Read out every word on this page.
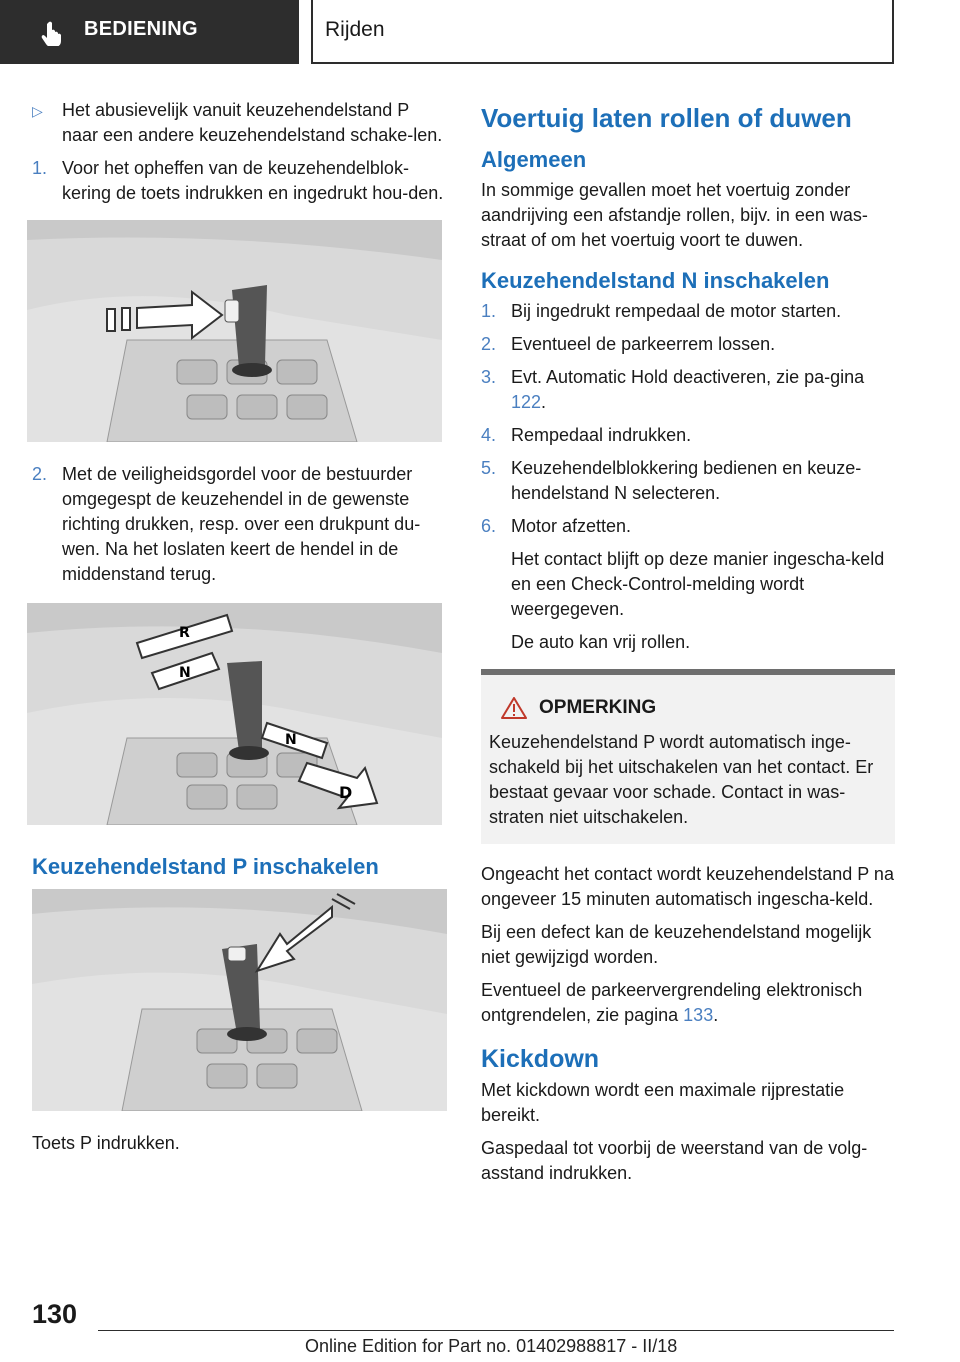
BEDIENING	Rijden
▷ Het abusievelijk vanuit keuzehendelstand P naar een andere keuzehendelstand schake-len.
1. Voor het opheffen van de keuzehendelblok-kering de toets indrukken en ingedrukt hou-den.
2. Met de veiligheidsgordel voor de bestuurder omgegespt de keuzehendel in de gewenste richting drukken, resp. over een drukpunt du-wen. Na het loslaten keert de hendel in de middenstand terug.
R
N
N
D
Keuzehendelstand P inschakelen
Toets P indrukken.
Voertuig laten rollen of duwen
Algemeen
In sommige gevallen moet het voertuig zonder aandrijving een afstandje rollen, bijv. in een was-straat of om het voertuig voort te duwen.
Keuzehendelstand N inschakelen
1. Bij ingedrukt rempedaal de motor starten.
2. Eventueel de parkeerrem lossen.
3. Evt. Automatic Hold deactiveren, zie pa-gina 122.
4. Rempedaal indrukken.
5. Keuzehendelblokkering bedienen en keuze-hendelstand N selecteren.
6. Motor afzetten.
Het contact blijft op deze manier ingescha-keld en een Check-Control-melding wordt weergegeven.
De auto kan vrij rollen.
OPMERKING
Keuzehendelstand P wordt automatisch inge-schakeld bij het uitschakelen van het contact. Er bestaat gevaar voor schade. Contact in was-straten niet uitschakelen.
Ongeacht het contact wordt keuzehendelstand P na ongeveer 15 minuten automatisch ingescha-keld.
Bij een defect kan de keuzehendelstand mogelijk niet gewijzigd worden.
Eventueel de parkeervergrendeling elektronisch ontgrendelen, zie pagina 133.
Kickdown
Met kickdown wordt een maximale rijprestatie bereikt.
Gaspedaal tot voorbij de weerstand van de volg-asstand indrukken.
130
Online Edition for Part no. 01402988817 - II/18
